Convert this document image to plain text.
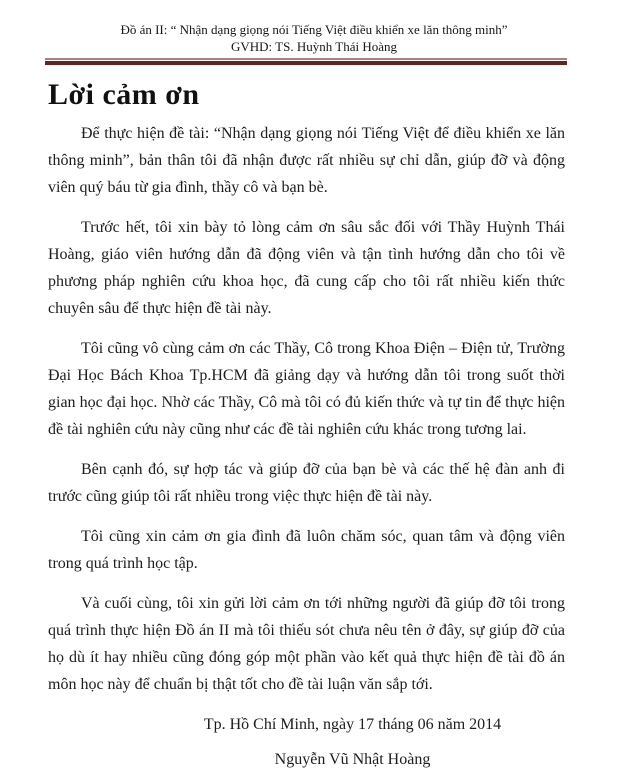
Đồ án II: “ Nhận dạng giọng nói Tiếng Việt điều khiển xe lăn thông minh”
GVHD: TS. Huỳnh Thái Hoàng
Lời cảm ơn

Để thực hiện đề tài: “Nhận dạng giọng nói Tiếng Việt để điều khiển xe lăn thông minh”, bản thân tôi đã nhận được rất nhiều sự chỉ dẫn, giúp đỡ và động viên quý báu từ gia đình, thầy cô và bạn bè.

Trước hết, tôi xin bày tỏ lòng cảm ơn sâu sắc đối với Thầy Huỳnh Thái Hoàng, giáo viên hướng dẫn đã động viên và tận tình hướng dẫn cho tôi về phương pháp nghiên cứu khoa học, đã cung cấp cho tôi rất nhiều kiến thức chuyên sâu để thực hiện đề tài này.

Tôi cũng vô cùng cảm ơn các Thầy, Cô trong Khoa Điện – Điện tử, Trường Đại Học Bách Khoa Tp.HCM đã giảng dạy và hướng dẫn tôi trong suốt thời gian học đại học. Nhờ các Thầy, Cô mà tôi có đủ kiến thức và tự tin để thực hiện đề tài nghiên cứu này cũng như các đề tài nghiên cứu khác trong tương lai.

Bên cạnh đó, sự hợp tác và giúp đỡ của bạn bè và các thế hệ đàn anh đi trước cũng giúp tôi rất nhiều trong việc thực hiện đề tài này.

Tôi cũng xin cảm ơn gia đình đã luôn chăm sóc, quan tâm và động viên trong quá trình học tập.

Và cuối cùng, tôi xin gửi lời cảm ơn tới những người đã giúp đỡ tôi trong quá trình thực hiện Đồ án II mà tôi thiếu sót chưa nêu tên ở đây, sự giúp đỡ của họ dù ít hay nhiều cũng đóng góp một phần vào kết quả thực hiện đề tài đồ án môn học này để chuẩn bị thật tốt cho đề tài luận văn sắp tới.

Tp. Hồ Chí Minh, ngày 17 tháng 06 năm 2014
Nguyễn Vũ Nhật Hoàng
